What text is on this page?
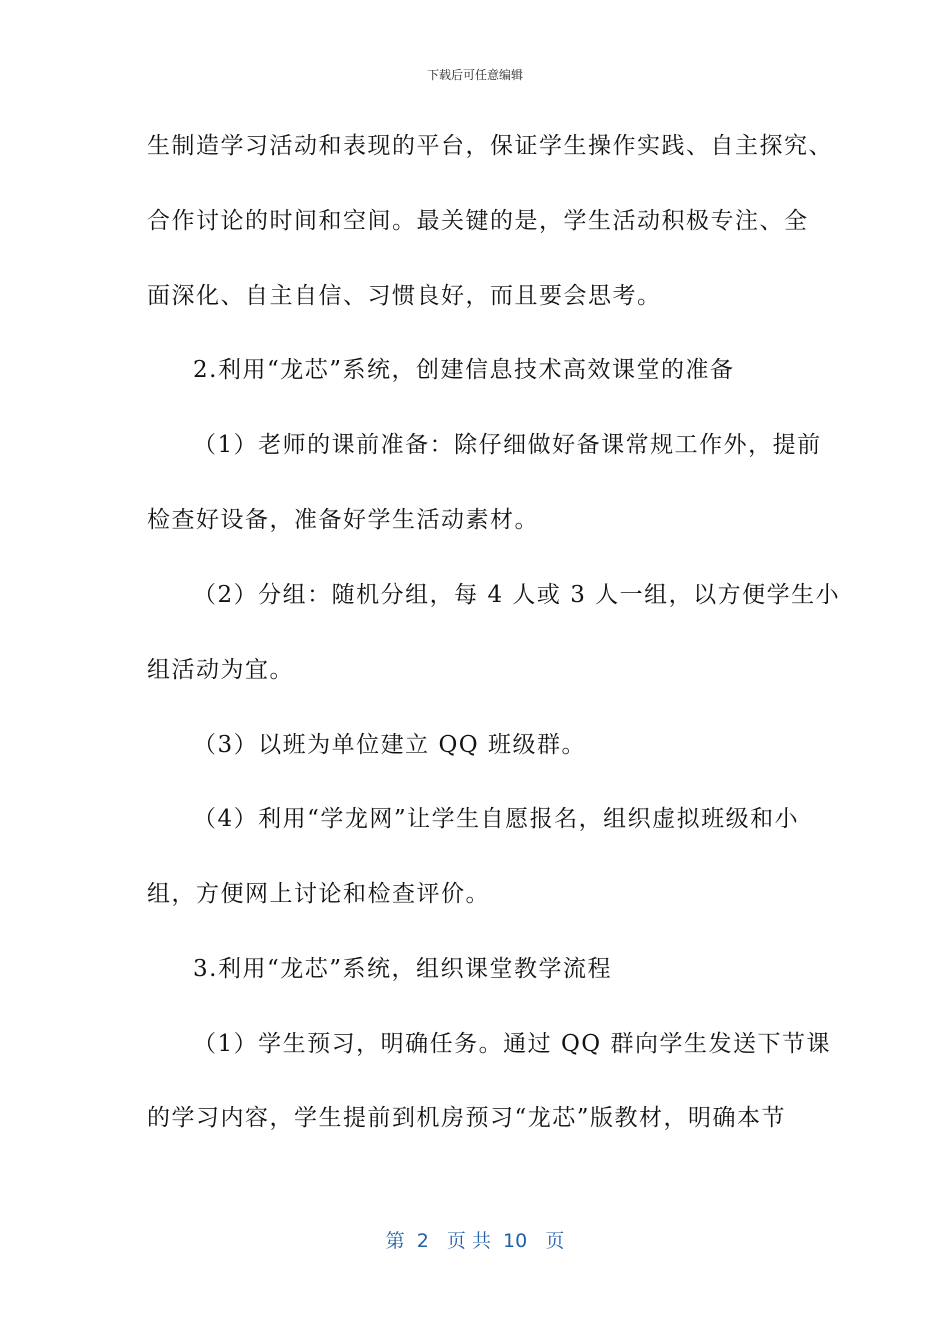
下载后可任意编辑
生制造学习活动和表现的平台，保证学生操作实践、自主探究、
合作讨论的时间和空间。最关键的是，学生活动积极专注、全
面深化、自主自信、习惯良好，而且要会思考。
2.利用“龙芯”系统，创建信息技术高效课堂的准备
（1）老师的课前准备：除仔细做好备课常规工作外，提前
检查好设备，准备好学生活动素材。
（2）分组：随机分组，每 4 人或 3 人一组，以方便学生小
组活动为宜。
（3）以班为单位建立 QQ 班级群。
（4）利用“学龙网”让学生自愿报名，组织虚拟班级和小
组，方便网上讨论和检查评价。
3.利用“龙芯”系统，组织课堂教学流程
（1）学生预习，明确任务。通过 QQ 群向学生发送下节课
的学习内容，学生提前到机房预习“龙芯”版教材，明确本节
第  2   页 共  10   页
